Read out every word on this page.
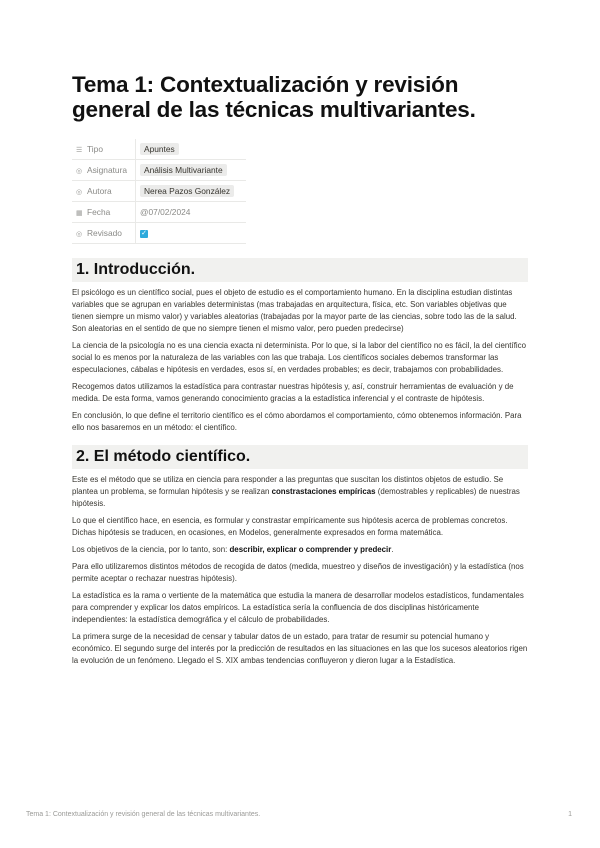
Tema 1: Contextualización y revisión general de las técnicas multivariantes.
☰ Tipo	Apuntes
◎ Asignatura	Análisis Multivariante
◎ Autora	Nerea Pazos González
▦ Fecha	@07/02/2024
◎ Revisado	✓
1. Introducción.

El psicólogo es un científico social, pues el objeto de estudio es el comportamiento humano. En la disciplina estudian distintas variables que se agrupan en variables deterministas (mas trabajadas en arquitectura, física, etc. Son variables objetivas que tienen siempre un mismo valor) y variables aleatorias (trabajadas por la mayor parte de las ciencias, sobre todo las de la salud. Son aleatorias en el sentido de que no siempre tienen el mismo valor, pero pueden predecirse)

La ciencia de la psicología no es una ciencia exacta ni determinista. Por lo que, si la labor del científico no es fácil, la del científico social lo es menos por la naturaleza de las variables con las que trabaja. Los científicos sociales debemos transformar las especulaciones, cábalas e hipótesis en verdades, esos sí, en verdades probables; es decir, trabajamos con probabilidades.

Recogemos datos utilizamos la estadística para contrastar nuestras hipótesis y, así, construir herramientas de evaluación y de medida. De esta forma, vamos generando conocimiento gracias a la estadística inferencial y el contraste de hipótesis.

En conclusión, lo que define el territorio científico es el cómo abordamos el comportamiento, cómo obtenemos información. Para ello nos basaremos en un método: el científico.

2. El método científico.

Este es el método que se utiliza en ciencia para responder a las preguntas que suscitan los distintos objetos de estudio. Se plantea un problema, se formulan hipótesis y se realizan constrastaciones empíricas (demostrables y replicables) de nuestras hipótesis.

Lo que el científico hace, en esencia, es formular y constrastar empíricamente sus hipótesis acerca de problemas concretos. Dichas hipótesis se traducen, en ocasiones, en Modelos, generalmente expresados en forma matemática.

Los objetivos de la ciencia, por lo tanto, son: describir, explicar o comprender y predecir.

Para ello utilizaremos distintos métodos de recogida de datos (medida, muestreo y diseños de investigación) y la estadística (nos permite aceptar o rechazar nuestras hipótesis).

La estadística es la rama o vertiente de la matemática que estudia la manera de desarrollar modelos estadísticos, fundamentales para comprender y explicar los datos empíricos. La estadística sería la confluencia de dos disciplinas históricamente independientes: la estadística demográfica y el cálculo de probabilidades.

La primera surge de la necesidad de censar y tabular datos de un estado, para tratar de resumir su potencial humano y económico. El segundo surge del interés por la predicción de resultados en las situaciones en las que los sucesos aleatorios rigen la evolución de un fenómeno. Llegado el S. XIX ambas tendencias confluyeron y dieron lugar a la Estadística.

Tema 1: Contextualización y revisión general de las técnicas multivariantes.	1
